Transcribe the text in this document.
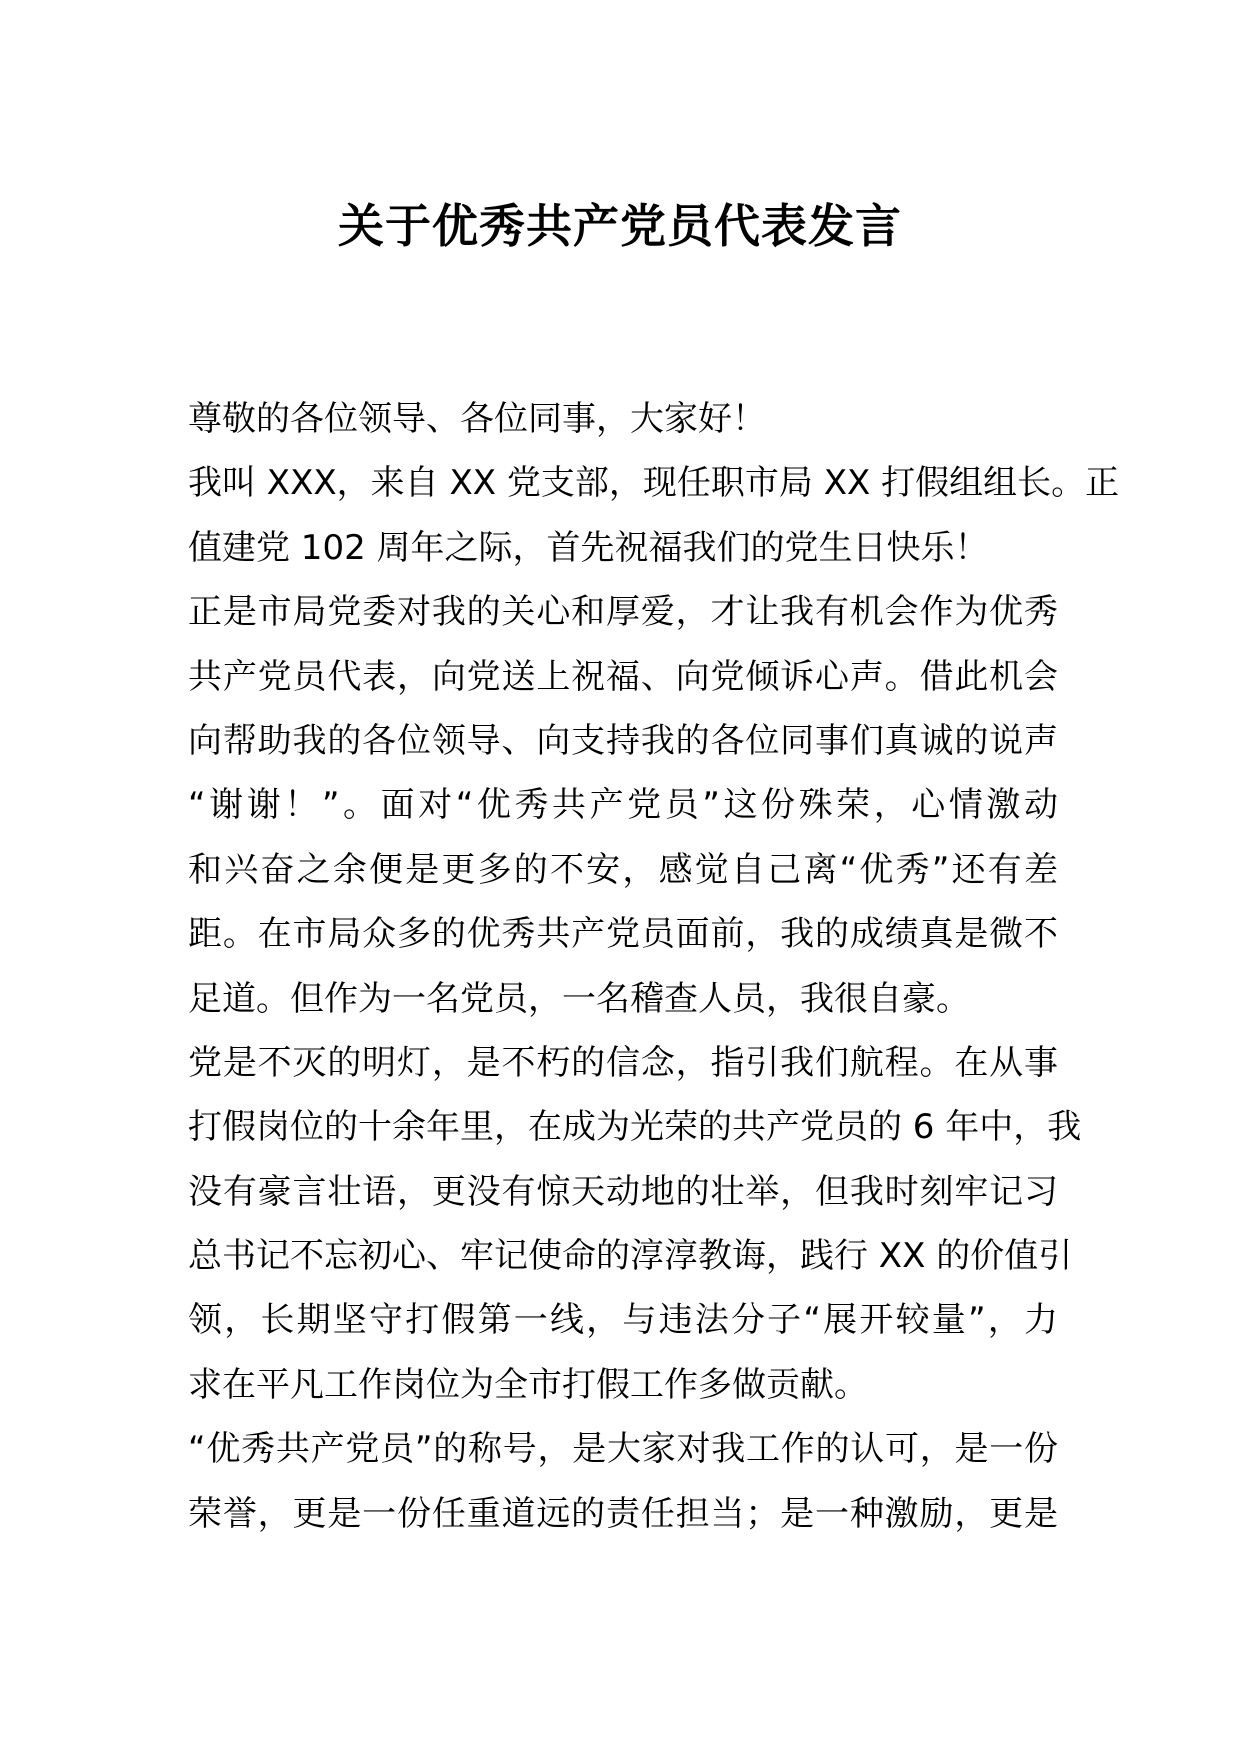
关于优秀共产党员代表发言
尊敬的各位领导、各位同事，大家好！
我叫 XXX，来自 XX 党支部，现任职市局 XX 打假组组长。正
值建党 102 周年之际，首先祝福我们的党生日快乐！
正是市局党委对我的关心和厚爱，才让我有机会作为优秀
共产党员代表，向党送上祝福、向党倾诉心声。借此机会
向帮助我的各位领导、向支持我的各位同事们真诚的说声
“谢谢！”。面对“优秀共产党员”这份殊荣，心情激动
和兴奋之余便是更多的不安，感觉自己离“优秀”还有差
距。在市局众多的优秀共产党员面前，我的成绩真是微不
足道。但作为一名党员，一名稽查人员，我很自豪。
党是不灭的明灯，是不朽的信念，指引我们航程。在从事
打假岗位的十余年里，在成为光荣的共产党员的 6 年中，我
没有豪言壮语，更没有惊天动地的壮举，但我时刻牢记习
总书记不忘初心、牢记使命的淳淳教诲，践行 XX 的价值引
领，长期坚守打假第一线，与违法分子“展开较量”，力
求在平凡工作岗位为全市打假工作多做贡献。
“优秀共产党员”的称号，是大家对我工作的认可，是一份
荣誉，更是一份任重道远的责任担当；是一种激励，更是
